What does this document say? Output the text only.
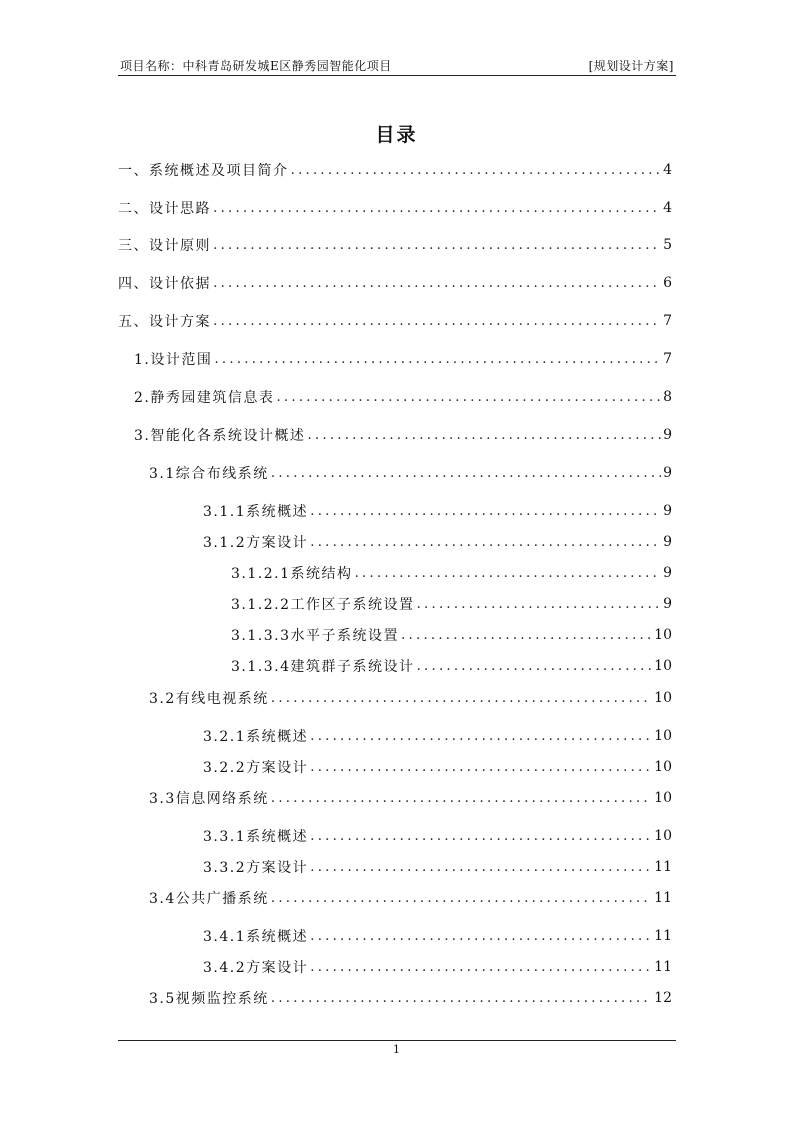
项目名称：中科青岛研发城E区静秀园智能化项目	[规划设计方案]
目录
一、系统概述及项目简介 .....	4
二、设计思路 .....	4
三、设计原则 .....	5
四、设计依据 .....	6
五、设计方案 .....	7
1.设计范围 .....	7
2.静秀园建筑信息表 .....	8
3.智能化各系统设计概述 .....	9
3.1综合布线系统 .....	9
3.1.1系统概述 .....	9
3.1.2方案设计 .....	9
3.1.2.1系统结构 .....	9
3.1.2.2工作区子系统设置 .....	9
3.1.3.3水平子系统设置 .....	10
3.1.3.4建筑群子系统设计 .....	10
3.2有线电视系统 .....	10
3.2.1系统概述 .....	10
3.2.2方案设计 .....	10
3.3信息网络系统 .....	10
3.3.1系统概述 .....	10
3.3.2方案设计 .....	11
3.4公共广播系统 .....	11
3.4.1系统概述 .....	11
3.4.2方案设计 .....	11
3.5视频监控系统 .....	12
1
